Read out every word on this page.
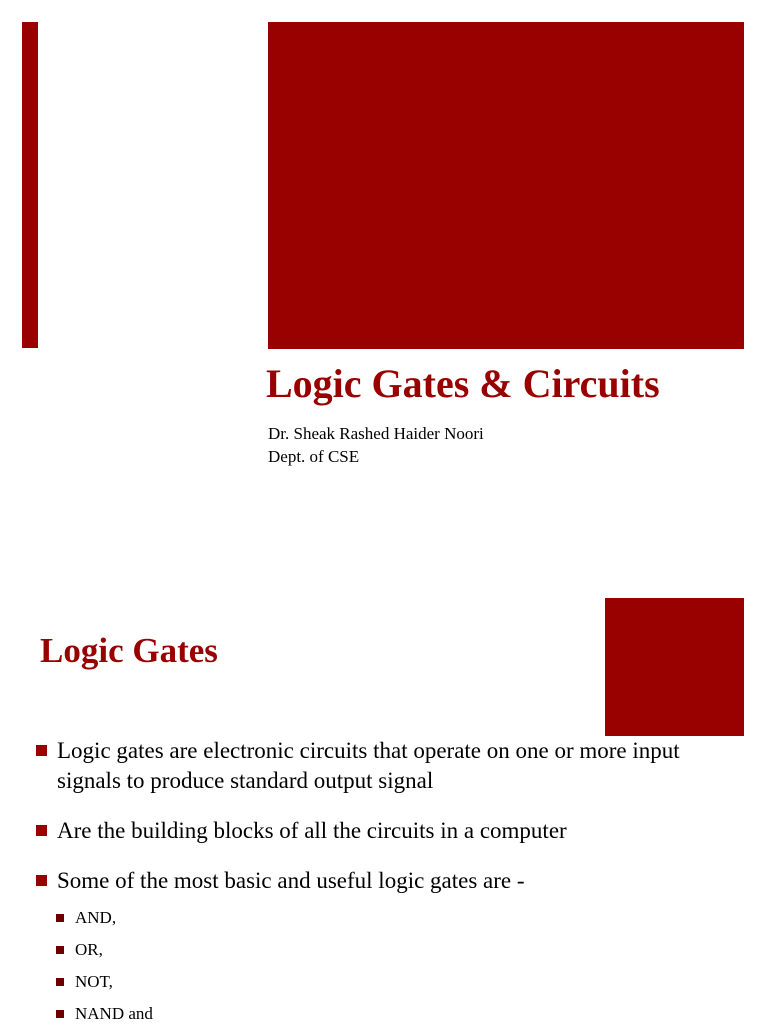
Logic Gates & Circuits
Dr. Sheak Rashed Haider Noori
Dept. of CSE
Logic Gates
Logic gates are electronic circuits that operate on one or more input signals to produce standard output signal
Are the building blocks of all the circuits in a computer
Some of the most basic and useful logic gates are -
AND,
OR,
NOT,
NAND and
